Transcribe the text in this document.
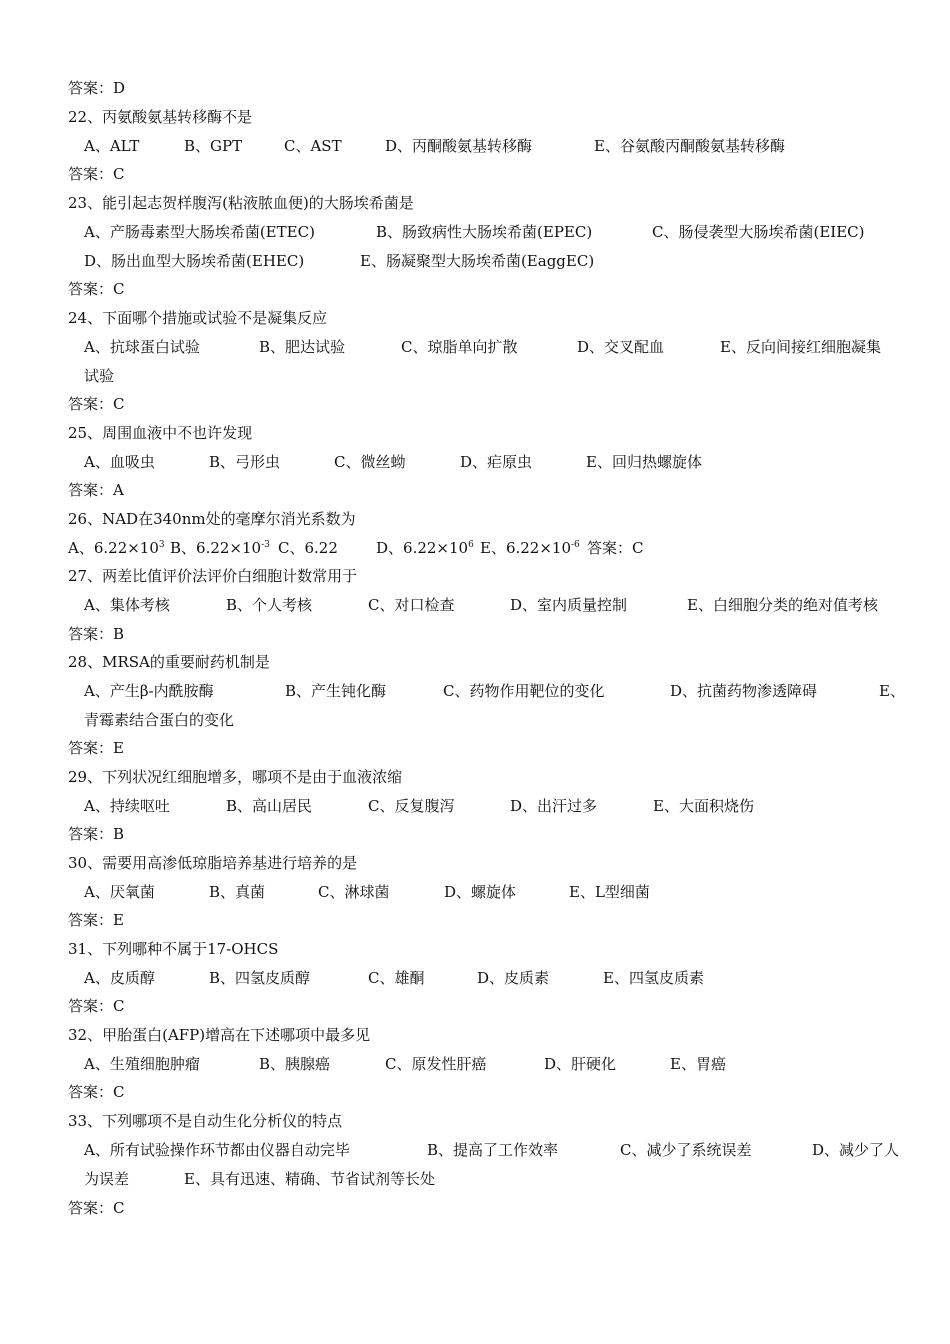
答案：D
22、丙氨酸氨基转移酶不是
A、ALT	B、GPT	C、AST	D、丙酮酸氨基转移酶	E、谷氨酸丙酮酸氨基转移酶
答案：C
23、能引起志贺样腹泻(粘液脓血便)的大肠埃希菌是
A、产肠毒素型大肠埃希菌(ETEC)	B、肠致病性大肠埃希菌(EPEC)	C、肠侵袭型大肠埃希菌(EIEC)
D、肠出血型大肠埃希菌(EHEC)	E、肠凝聚型大肠埃希菌(EaggEC)
答案：C
24、下面哪个措施或试验不是凝集反应
A、抗球蛋白试验	B、肥达试验	C、琼脂单向扩散	D、交叉配血	E、反向间接红细胞凝集
试验
答案：C
25、周围血液中不也许发现
A、血吸虫	B、弓形虫	C、微丝蚴	D、疟原虫	E、回归热螺旋体
答案：A
26、NAD在340nm处的毫摩尔消光系数为
A、$6.22\times 10^3$ B、$6.22\times 10^{-3}$ C、6.22	D、$6.22\times 10^6$ E、$6.22\times 10^{-6}$ 答案：C
27、两差比值评价法评价白细胞计数常用于
A、集体考核	B、个人考核	C、对口检查	D、室内质量控制	E、白细胞分类的绝对值考核
答案：B
28、MRSA的重要耐药机制是
A、产生β-内酰胺酶	B、产生钝化酶	C、药物作用靶位的变化	D、抗菌药物渗透障碍	E、
青霉素结合蛋白的变化
答案：E
29、下列状况红细胞增多，哪项不是由于血液浓缩
A、持续呕吐	B、高山居民	C、反复腹泻	D、出汗过多	E、大面积烧伤
答案：B
30、需要用高渗低琼脂培养基进行培养的是
A、厌氧菌	B、真菌	C、淋球菌	D、螺旋体	E、L型细菌
答案：E
31、下列哪种不属于17-OHCS
A、皮质醇	B、四氢皮质醇	C、雄酮	D、皮质素	E、四氢皮质素
答案：C
32、甲胎蛋白(AFP)增高在下述哪项中最多见
A、生殖细胞肿瘤	B、胰腺癌	C、原发性肝癌	D、肝硬化	E、胃癌
答案：C
33、下列哪项不是自动生化分析仪的特点
A、所有试验操作环节都由仪器自动完毕	B、提高了工作效率	C、减少了系统误差	D、减少了人
为误差	E、具有迅速、精确、节省试剂等长处
答案：C
